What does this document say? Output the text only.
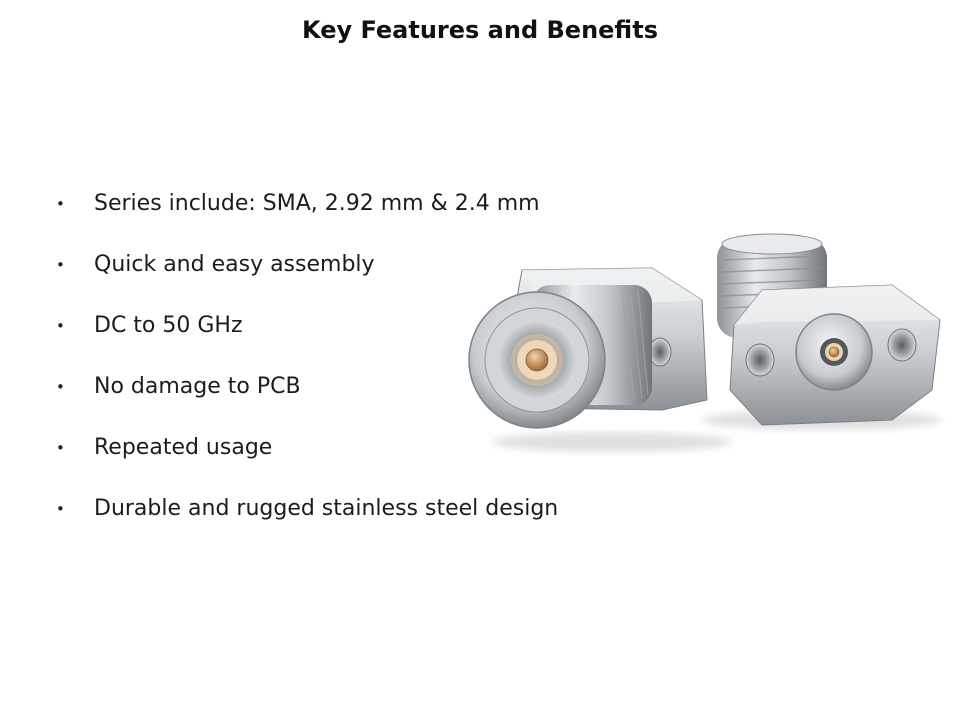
Key Features and Benefits
•	Series include: SMA, 2.92 mm & 2.4 mm
•	Quick and easy assembly
•	DC to 50 GHz
•	No damage to PCB
•	Repeated usage
•	Durable and rugged stainless steel design
